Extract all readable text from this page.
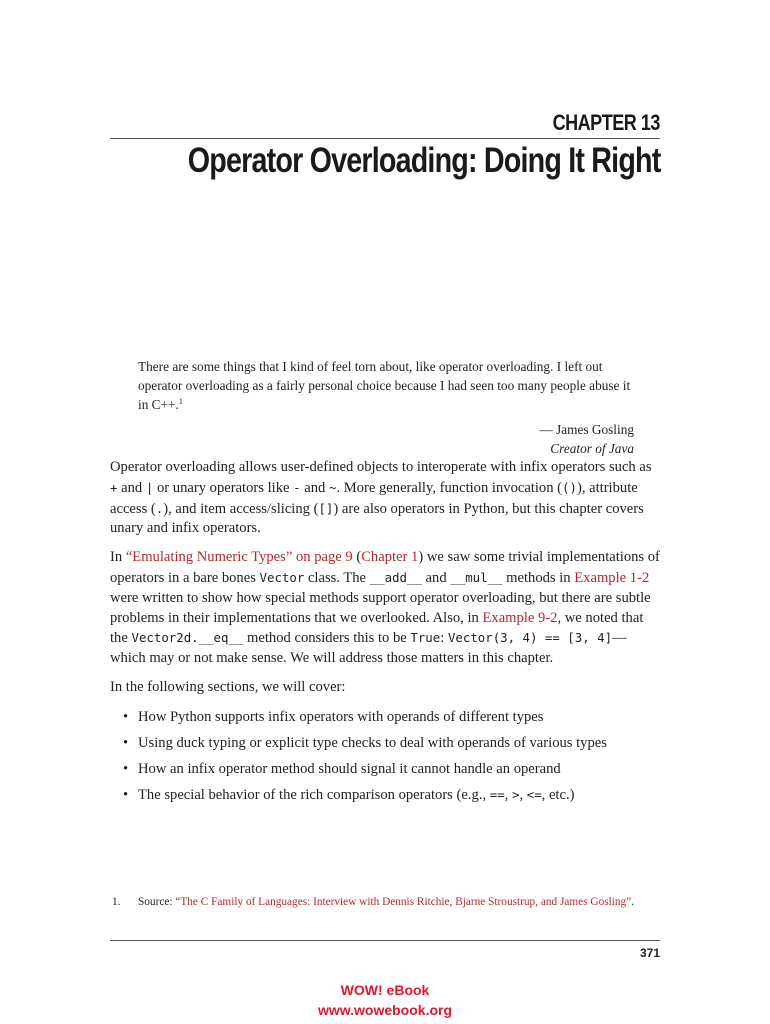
CHAPTER 13
Operator Overloading: Doing It Right

There are some things that I kind of feel torn about, like operator overloading. I left out operator overloading as a fairly personal choice because I had seen too many people abuse it in C++.$^1$

— James Gosling
Creator of Java

Operator overloading allows user-defined objects to interoperate with infix operators such as + and | or unary operators like - and ~. More generally, function invocation (()), attribute access (.), and item access/slicing ([]) are also operators in Python, but this chapter covers unary and infix operators.

In “Emulating Numeric Types” on page 9 (Chapter 1) we saw some trivial implementations of operators in a bare bones Vector class. The __add__ and __mul__ methods in Example 1-2 were written to show how special methods support operator overloading, but there are subtle problems in their implementations that we overlooked. Also, in Example 9-2, we noted that the Vector2d.__eq__ method considers this to be True: Vector(3, 4) == [3, 4]—which may or not make sense. We will address those matters in this chapter.

In the following sections, we will cover:

• How Python supports infix operators with operands of different types
• Using duck typing or explicit type checks to deal with operands of various types
• How an infix operator method should signal it cannot handle an operand
• The special behavior of the rich comparison operators (e.g., ==, >, <=, etc.)
1. Source: “The C Family of Languages: Interview with Dennis Ritchie, Bjarne Stroustrup, and James Gosling”.
371
WOW! eBook
www.wowebook.org
